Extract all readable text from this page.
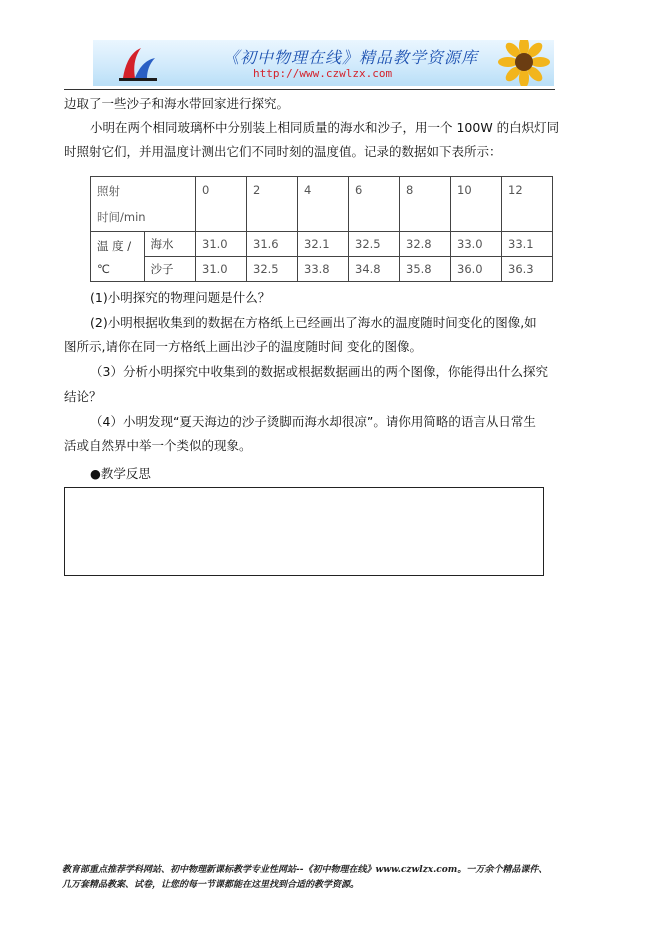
《初中物理在线》精品教学资源库
http://www.czwlzx.com
边取了一些沙子和海水带回家进行探究。
小明在两个相同玻璃杯中分别装上相同质量的海水和沙子，用一个 100W 的白炽灯同
时照射它们，并用温度计测出它们不同时刻的温度值。记录的数据如下表所示：
照射
时间/min		0	2	4	6	8	10	12

温 度 /
℃	海水	31.0	31.6	32.1	32.5	32.8	33.0	33.1
	沙子	31.0	32.5	33.8	34.8	35.8	36.0	36.3
(1)小明探究的物理问题是什么？
(2)小明根据收集到的数据在方格纸上已经画出了海水的温度随时间变化的图像,如
图所示,请你在同一方格纸上画出沙子的温度随时间 变化的图像。
（3）分析小明探究中收集到的数据或根据数据画出的两个图像，你能得出什么探究
结论？
（4）小明发现“夏天海边的沙子烫脚而海水却很凉”。请你用简略的语言从日常生
活或自然界中举一个类似的现象。
●教学反思
教育部重点推荐学科网站、初中物理新课标教学专业性网站--《初中物理在线》www.czwlzx.com。一万余个精品课件、
几万套精品教案、试卷，让您的每一节课都能在这里找到合适的教学资源。
